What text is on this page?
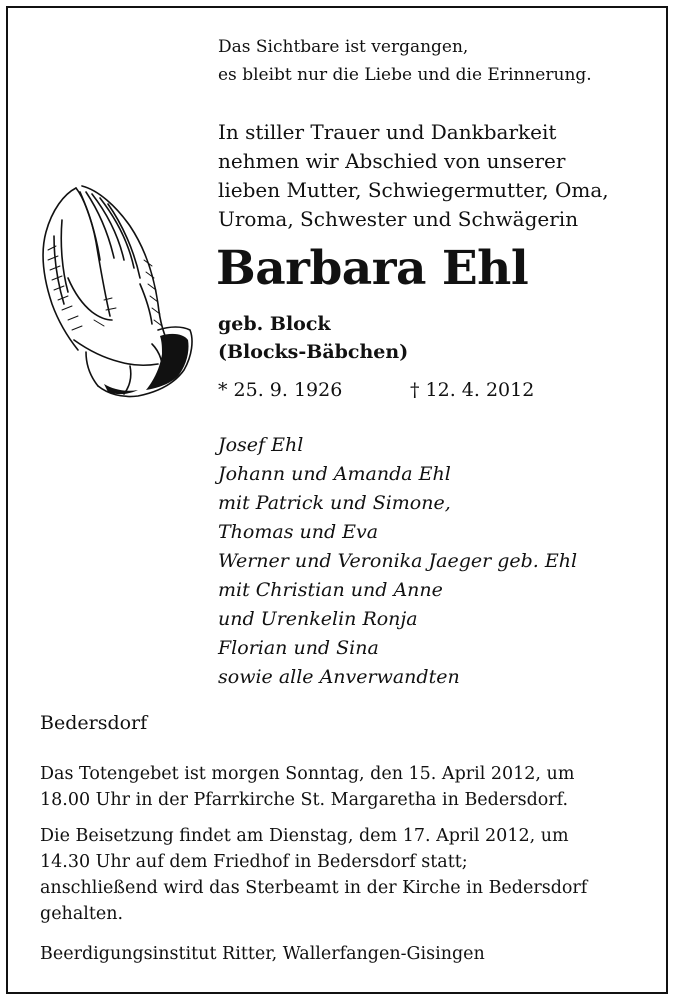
Das Sichtbare ist vergangen,
es bleibt nur die Liebe und die Erinnerung.
In stiller Trauer und Dankbarkeit
nehmen wir Abschied von unserer
lieben Mutter, Schwiegermutter, Oma,
Uroma, Schwester und Schwägerin
Barbara Ehl
geb. Block
(Blocks-Bäbchen)
* 25. 9. 1926	† 12. 4. 2012
Josef Ehl
Johann und Amanda Ehl
mit Patrick und Simone,
Thomas und Eva
Werner und Veronika Jaeger geb. Ehl
mit Christian und Anne
und Urenkelin Ronja
Florian und Sina
sowie alle Anverwandten
Bedersdorf
Das Totengebet ist morgen Sonntag, den 15. April 2012, um
18.00 Uhr in der Pfarrkirche St. Margaretha in Bedersdorf.
Die Beisetzung findet am Dienstag, dem 17. April 2012, um
14.30 Uhr auf dem Friedhof in Bedersdorf statt;
anschließend wird das Sterbeamt in der Kirche in Bedersdorf
gehalten.
Beerdigungsinstitut Ritter, Wallerfangen-Gisingen
